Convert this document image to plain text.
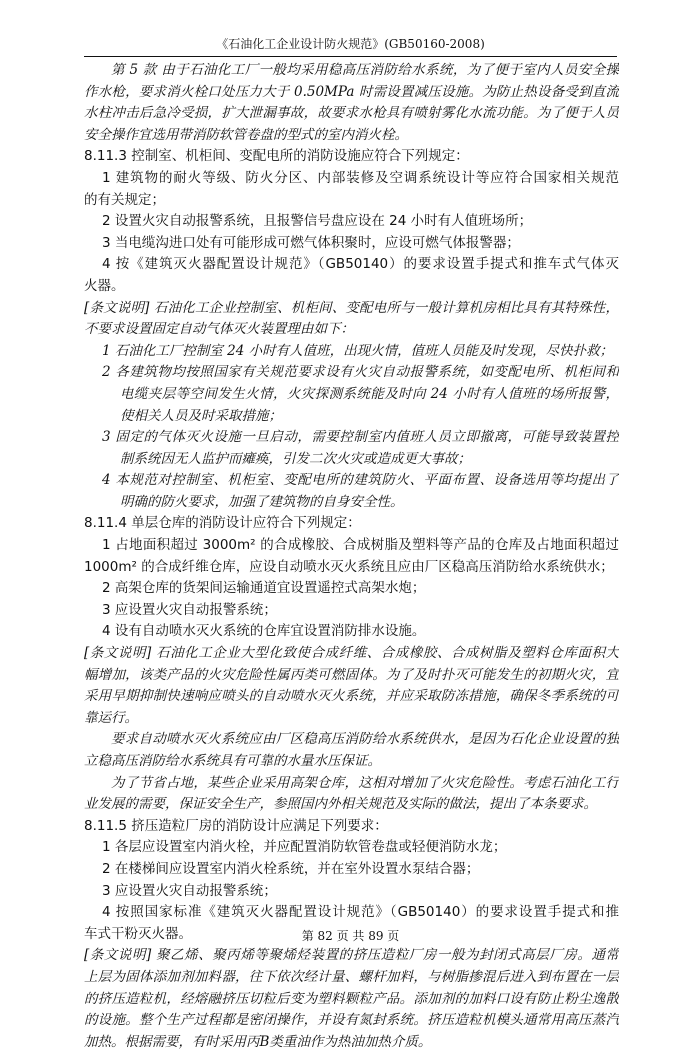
《石油化工企业设计防火规范》(GB50160-2008)
第 5 款 由于石油化工厂一般均采用稳高压消防给水系统，为了便于室内人员安全操
作水枪，要求消火栓口处压力大于 0.50MPa 时需设置减压设施。为防止热设备受到直流
水柱冲击后急冷受损，扩大泄漏事故，故要求水枪具有喷射雾化水流功能。为了便于人员
安全操作宜选用带消防软管卷盘的型式的室内消火栓。
8.11.3 控制室、机柜间、变配电所的消防设施应符合下列规定：
1 建筑物的耐火等级、防火分区、内部装修及空调系统设计等应符合国家相关规范
的有关规定；
2 设置火灾自动报警系统，且报警信号盘应设在 24 小时有人值班场所；
3 当电缆沟进口处有可能形成可燃气体积聚时，应设可燃气体报警器；
4 按《建筑灭火器配置设计规范》（GB50140）的要求设置手提式和推车式气体灭
火器。
[条文说明] 石油化工企业控制室、机柜间、变配电所与一般计算机房相比具有其特殊性，
不要求设置固定自动气体灭火装置理由如下：
1 石油化工厂控制室 24 小时有人值班，出现火情，值班人员能及时发现，尽快扑救；
2 各建筑物均按照国家有关规范要求设有火灾自动报警系统，如变配电所、机柜间和
电缆夹层等空间发生火情，火灾探测系统能及时向 24 小时有人值班的场所报警，
使相关人员及时采取措施；
3 固定的气体灭火设施一旦启动，需要控制室内值班人员立即撤离，可能导致装置控
制系统因无人监护而瘫痪，引发二次火灾或造成更大事故；
4 本规范对控制室、机柜室、变配电所的建筑防火、平面布置、设备选用等均提出了
明确的防火要求，加强了建筑物的自身安全性。
8.11.4 单层仓库的消防设计应符合下列规定：
1 占地面积超过 3000m² 的合成橡胶、合成树脂及塑料等产品的仓库及占地面积超过
1000m² 的合成纤维仓库，应设自动喷水灭火系统且应由厂区稳高压消防给水系统供水；
2 高架仓库的货架间运输通道宜设置遥控式高架水炮；
3 应设置火灾自动报警系统；
4 设有自动喷水灭火系统的仓库宜设置消防排水设施。
[条文说明] 石油化工企业大型化致使合成纤维、合成橡胶、合成树脂及塑料仓库面积大
幅增加，该类产品的火灾危险性属丙类可燃固体。为了及时扑灭可能发生的初期火灾，宜
采用早期抑制快速响应喷头的自动喷水灭火系统，并应采取防冻措施，确保冬季系统的可
靠运行。
要求自动喷水灭火系统应由厂区稳高压消防给水系统供水，是因为石化企业设置的独
立稳高压消防给水系统具有可靠的水量水压保证。
为了节省占地，某些企业采用高架仓库，这相对增加了火灾危险性。考虑石油化工行
业发展的需要，保证安全生产，参照国内外相关规范及实际的做法，提出了本条要求。
8.11.5 挤压造粒厂房的消防设计应满足下列要求：
1 各层应设置室内消火栓，并应配置消防软管卷盘或轻便消防水龙；
2 在楼梯间应设置室内消火栓系统，并在室外设置水泵结合器；
3 应设置火灾自动报警系统；
4 按照国家标准《建筑灭火器配置设计规范》（GB50140）的要求设置手提式和推
车式干粉灭火器。
[条文说明] 聚乙烯、聚丙烯等聚烯烃装置的挤压造粒厂房一般为封闭式高层厂房。通常
上层为固体添加剂加料器，往下依次经计量、螺杆加料，与树脂掺混后进入到布置在一层
的挤压造粒机，经熔融挤压切粒后变为塑料颗粒产品。添加剂的加料口设有防止粉尘逸散
的设施。整个生产过程都是密闭操作，并设有氮封系统。挤压造粒机模头通常用高压蒸汽
加热。根据需要，有时采用丙B类重油作为热油加热介质。
第 82 页 共 89 页
